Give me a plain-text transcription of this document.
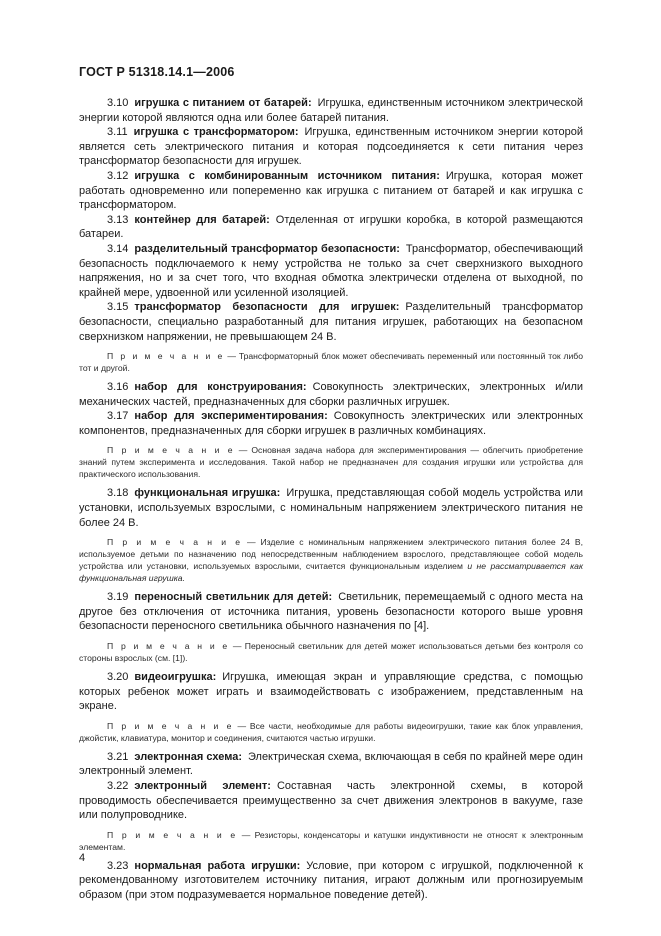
ГОСТ Р 51318.14.1—2006

3.10 игрушка с питанием от батарей: Игрушка, единственным источником электрической энергии которой являются одна или более батарей питания.

3.11 игрушка с трансформатором: Игрушка, единственным источником энергии которой является сеть электрического питания и которая подсоединяется к сети питания через трансформатор безопасности для игрушек.

3.12 игрушка с комбинированным источником питания: Игрушка, которая может работать одновременно или попеременно как игрушка с питанием от батарей и как игрушка с трансформатором.

3.13 контейнер для батарей: Отделенная от игрушки коробка, в которой размещаются батареи.

3.14 разделительный трансформатор безопасности: Трансформатор, обеспечивающий безопасность подключаемого к нему устройства не только за счет сверхнизкого выходного напряжения, но и за счет того, что входная обмотка электрически отделена от выходной, по крайней мере, удвоенной или усиленной изоляцией.

3.15 трансформатор безопасности для игрушек: Разделительный трансформатор безопасности, специально разработанный для питания игрушек, работающих на безопасном сверхнизком напряжении, не превышающем 24 В.

П р и м е ч а н и е — Трансформаторный блок может обеспечивать переменный или постоянный ток либо тот и другой.

3.16 набор для конструирования: Совокупность электрических, электронных и/или механических частей, предназначенных для сборки различных игрушек.

3.17 набор для экспериментирования: Совокупность электрических или электронных компонентов, предназначенных для сборки игрушек в различных комбинациях.

П р и м е ч а н и е — Основная задача набора для экспериментирования — облегчить приобретение знаний путем эксперимента и исследования. Такой набор не предназначен для создания игрушки или устройства для практического использования.

3.18 функциональная игрушка: Игрушка, представляющая собой модель устройства или установки, используемых взрослыми, с номинальным напряжением электрического питания не более 24 В.

П р и м е ч а н и е — Изделие с номинальным напряжением электрического питания более 24 В, используемое детьми по назначению под непосредственным наблюдением взрослого, представляющее собой модель устройства или установки, используемых взрослыми, считается функциональным изделием и не рассматривается как функциональная игрушка.

3.19 переносный светильник для детей: Светильник, перемещаемый с одного места на другое без отключения от источника питания, уровень безопасности которого выше уровня безопасности переносного светильника обычного назначения по [4].

П р и м е ч а н и е — Переносный светильник для детей может использоваться детьми без контроля со стороны взрослых (см. [1]).

3.20 видеоигрушка: Игрушка, имеющая экран и управляющие средства, с помощью которых ребенок может играть и взаимодействовать с изображением, представленным на экране.

П р и м е ч а н и е — Все части, необходимые для работы видеоигрушки, такие как блок управления, джойстик, клавиатура, монитор и соединения, считаются частью игрушки.

3.21 электронная схема: Электрическая схема, включающая в себя по крайней мере один электронный элемент.

3.22 электронный элемент: Составная часть электронной схемы, в которой проводимость обеспечивается преимущественно за счет движения электронов в вакууме, газе или полупроводнике.

П р и м е ч а н и е — Резисторы, конденсаторы и катушки индуктивности не относят к электронным элементам.

3.23 нормальная работа игрушки: Условие, при котором с игрушкой, подключенной к рекомендованному изготовителем источнику питания, играют должным или прогнозируемым образом (при этом подразумевается нормальное поведение детей).

4
